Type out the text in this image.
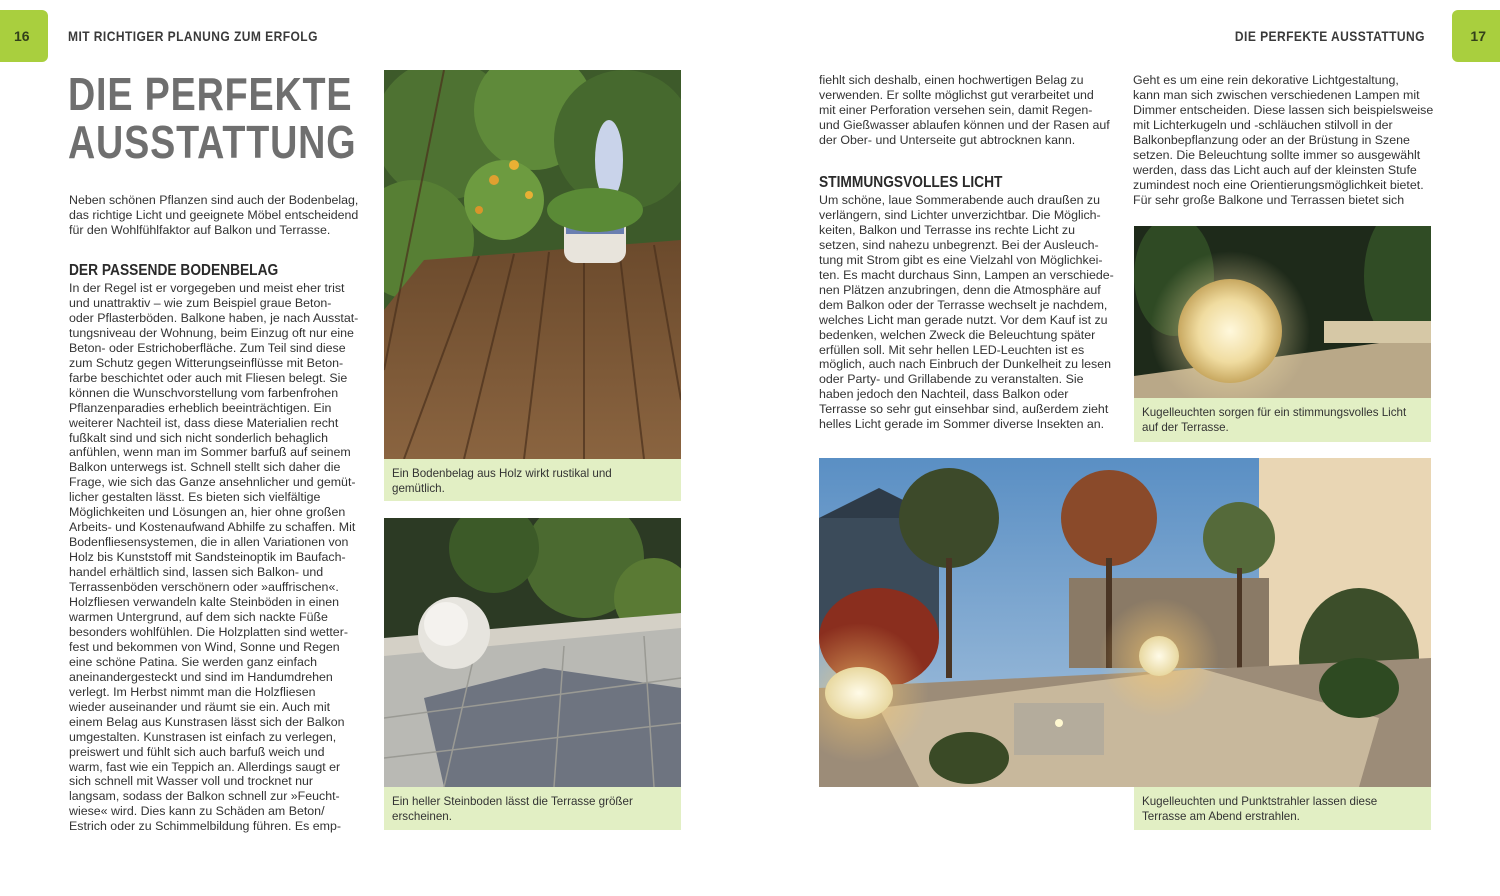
16	MIT RICHTIGER PLANUNG ZUM ERFOLG	17
DIE PERFEKTE AUSSTATTUNG
DIE PERFEKTE
AUSSTATTUNG
Neben schönen Pflanzen sind auch der Bodenbelag,
das richtige Licht und geeignete Möbel entscheidend
für den Wohlfühlfaktor auf Balkon und Terrasse.
DER PASSENDE BODENBELAG
In der Regel ist er vorgegeben und meist eher trist
und unattraktiv – wie zum Beispiel graue Beton-
oder Pflasterböden. Balkone haben, je nach Ausstat-
tungsniveau der Wohnung, beim Einzug oft nur eine
Beton- oder Estrichoberfläche. Zum Teil sind diese
zum Schutz gegen Witterungseinflüsse mit Beton-
farbe beschichtet oder auch mit Fliesen belegt. Sie
können die Wunschvorstellung vom farbenfrohen
Pflanzenparadies erheblich beeinträchtigen. Ein
weiterer Nachteil ist, dass diese Materialien recht
fußkalt sind und sich nicht sonderlich behaglich
anfühlen, wenn man im Sommer barfuß auf seinem
Balkon unterwegs ist. Schnell stellt sich daher die
Frage, wie sich das Ganze ansehnlicher und gemüt-
licher gestalten lässt. Es bieten sich vielfältige
Möglichkeiten und Lösungen an, hier ohne großen
Arbeits- und Kostenaufwand Abhilfe zu schaffen. Mit
Bodenfliesensystemen, die in allen Variationen von
Holz bis Kunststoff mit Sandsteinoptik im Baufach-
handel erhältlich sind, lassen sich Balkon- und
Terrassenböden verschönern oder »auffrischen«.
Holzfliesen verwandeln kalte Steinböden in einen
warmen Untergrund, auf dem sich nackte Füße
besonders wohlfühlen. Die Holzplatten sind wetter-
fest und bekommen von Wind, Sonne und Regen
eine schöne Patina. Sie werden ganz einfach
aneinandergesteckt und sind im Handumdrehen
verlegt. Im Herbst nimmt man die Holzfliesen
wieder auseinander und räumt sie ein. Auch mit
einem Belag aus Kunstrasen lässt sich der Balkon
umgestalten. Kunstrasen ist einfach zu verlegen,
preiswert und fühlt sich auch barfuß weich und
warm, fast wie ein Teppich an. Allerdings saugt er
sich schnell mit Wasser voll und trocknet nur
langsam, sodass der Balkon schnell zur »Feucht-
wiese« wird. Dies kann zu Schäden am Beton/
Estrich oder zu Schimmelbildung führen. Es emp-
Ein Bodenbelag aus Holz wirkt rustikal und
gemütlich.
Ein heller Steinboden lässt die Terrasse größer
erscheinen.
fiehlt sich deshalb, einen hochwertigen Belag zu
verwenden. Er sollte möglichst gut verarbeitet und
mit einer Perforation versehen sein, damit Regen-
und Gießwasser ablaufen können und der Rasen auf
der Ober- und Unterseite gut abtrocknen kann.
STIMMUNGSVOLLES LICHT
Um schöne, laue Sommerabende auch draußen zu
verlängern, sind Lichter unverzichtbar. Die Möglich-
keiten, Balkon und Terrasse ins rechte Licht zu
setzen, sind nahezu unbegrenzt. Bei der Ausleuch-
tung mit Strom gibt es eine Vielzahl von Möglichkei-
ten. Es macht durchaus Sinn, Lampen an verschiede-
nen Plätzen anzubringen, denn die Atmosphäre auf
dem Balkon oder der Terrasse wechselt je nachdem,
welches Licht man gerade nutzt. Vor dem Kauf ist zu
bedenken, welchen Zweck die Beleuchtung später
erfüllen soll. Mit sehr hellen LED-Leuchten ist es
möglich, auch nach Einbruch der Dunkelheit zu lesen
oder Party- und Grillabende zu veranstalten. Sie
haben jedoch den Nachteil, dass Balkon oder
Terrasse so sehr gut einsehbar sind, außerdem zieht
helles Licht gerade im Sommer diverse Insekten an.
Geht es um eine rein dekorative Lichtgestaltung,
kann man sich zwischen verschiedenen Lampen mit
Dimmer entscheiden. Diese lassen sich beispielsweise
mit Lichterkugeln und -schläuchen stilvoll in der
Balkonbepflanzung oder an der Brüstung in Szene
setzen. Die Beleuchtung sollte immer so ausgewählt
werden, dass das Licht auch auf der kleinsten Stufe
zumindest noch eine Orientierungsmöglichkeit bietet.
Für sehr große Balkone und Terrassen bietet sich
Kugelleuchten sorgen für ein stimmungsvolles Licht
auf der Terrasse.
Kugelleuchten und Punktstrahler lassen diese
Terrasse am Abend erstrahlen.
